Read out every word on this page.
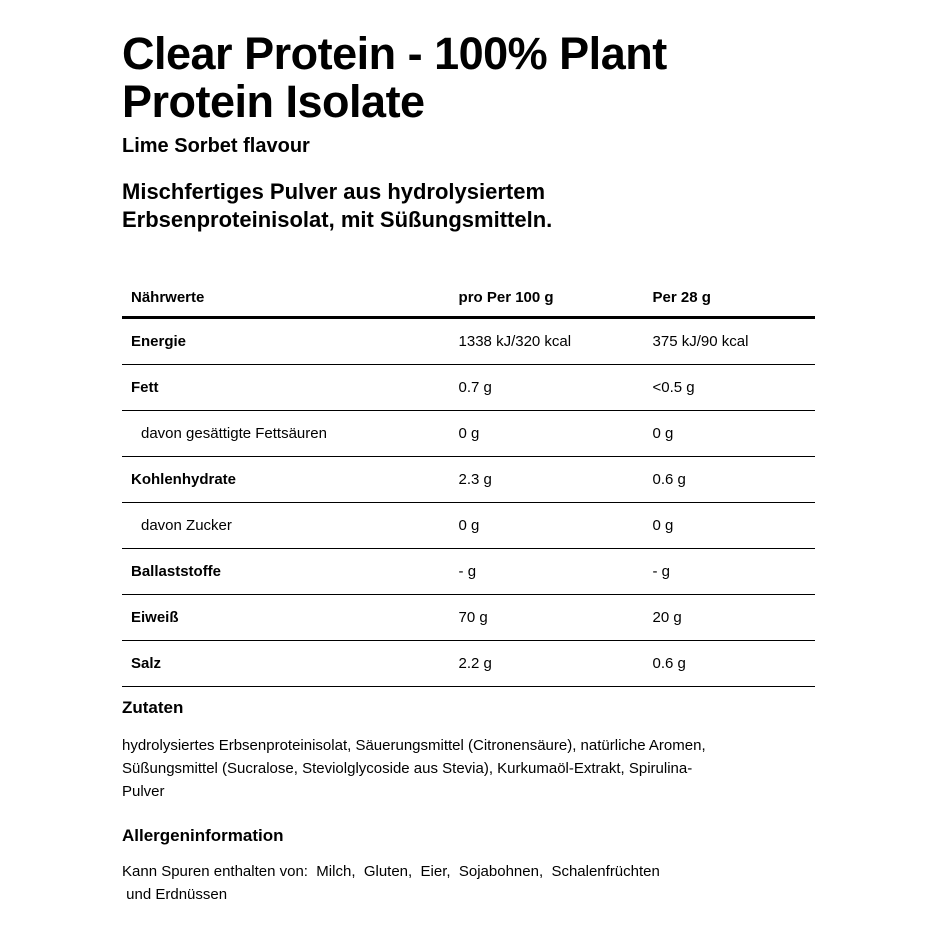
Clear Protein - 100% Plant
Protein Isolate

Lime Sorbet flavour

Mischfertiges Pulver aus hydrolysiertem
Erbsenproteinisolat, mit Süßungsmitteln.

Nährwerte	pro Per 100 g	Per 28 g
Energie	1338 kJ/320 kcal	375 kJ/90 kcal
Fett	0.7 g	<0.5 g
davon gesättigte Fettsäuren	0 g	0 g
Kohlenhydrate	2.3 g	0.6 g
davon Zucker	0 g	0 g
Ballaststoffe	- g	- g
Eiweiß	70 g	20 g
Salz	2.2 g	0.6 g
Zutaten

hydrolysiertes Erbsenproteinisolat, Säuerungsmittel (Citronensäure), natürliche Aromen,
Süßungsmittel (Sucralose, Steviolglycoside aus Stevia), Kurkumaöl-Extrakt, Spirulina-
Pulver

Allergeninformation

Kann Spuren enthalten von:  Milch,  Gluten,  Eier,  Sojabohnen,  Schalenfrüchten
und Erdnüssen
